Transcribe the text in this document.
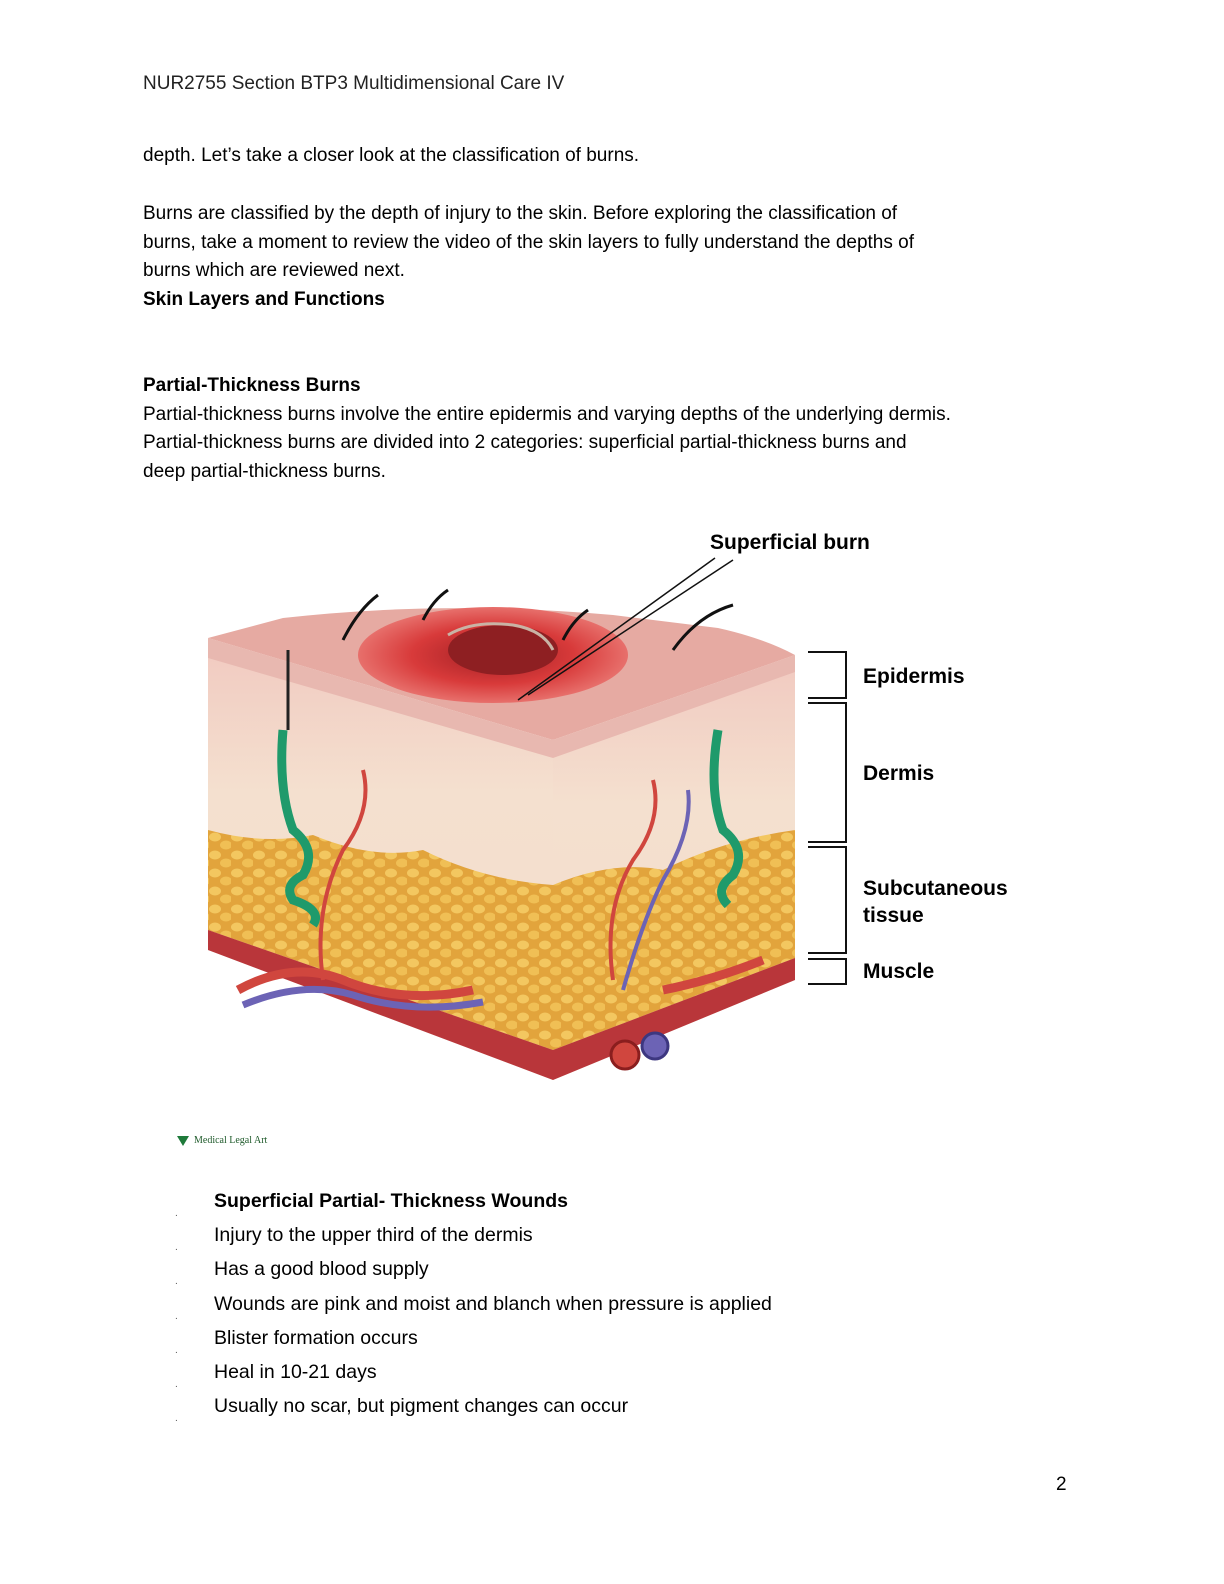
NUR2755 Section BTP3 Multidimensional Care IV
depth. Let’s take a closer look at the classification of burns.
Burns are classified by the depth of injury to the skin. Before exploring the classification of
burns, take a moment to review the video of the skin layers to fully understand the depths of
burns which are reviewed next.
Skin Layers and Functions
Partial-Thickness Burns
Partial-thickness burns involve the entire epidermis and varying depths of the underlying dermis.
Partial-thickness burns are divided into 2 categories: superficial partial-thickness burns and
deep partial-thickness burns.
Superficial burn
Epidermis
Dermis
Subcutaneous
tissue
Muscle
Medical Legal Art
.
Superficial Partial- Thickness Wounds
.
Injury to the upper third of the dermis
.
Has a good blood supply
.
Wounds are pink and moist and blanch when pressure is applied
.
Blister formation occurs
.
Heal in 10-21 days
.
Usually no scar, but pigment changes can occur
2
